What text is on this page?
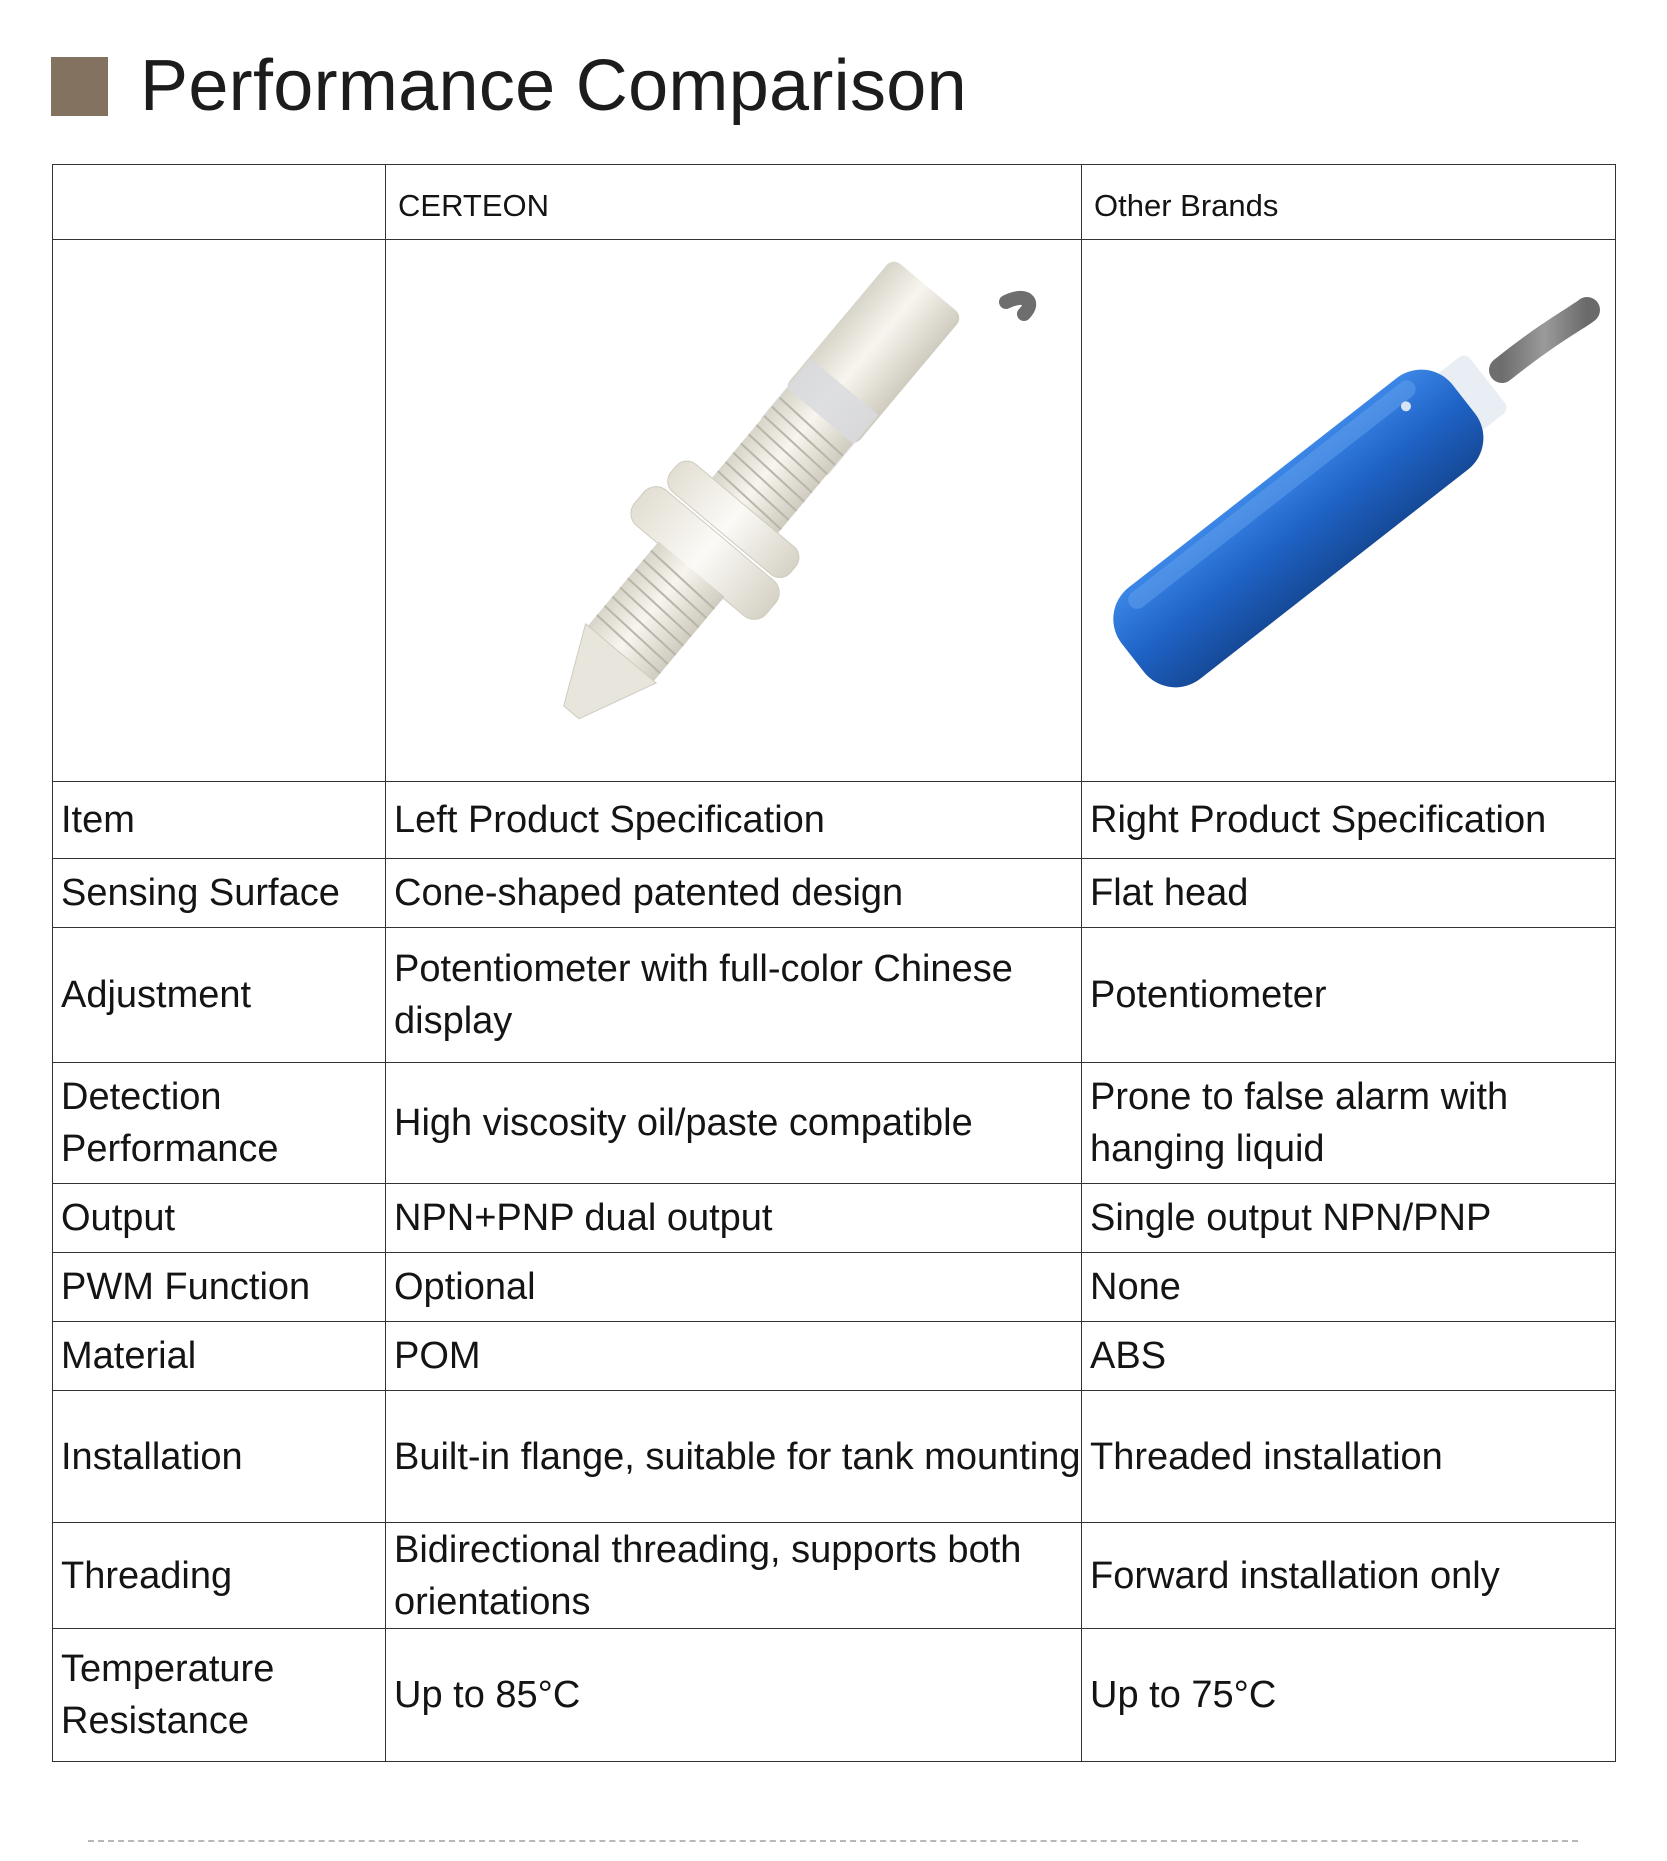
Performance Comparison
	CERTEON	Other Brands

Item	Left Product Specification	Right Product Specification
Sensing Surface	Cone-shaped patented design	Flat head
Adjustment	Potentiometer with full-color Chinese display	Potentiometer
Detection Performance	High viscosity oil/paste compatible	Prone to false alarm with hanging liquid
Output	NPN+PNP dual output	Single output NPN/PNP
PWM Function	Optional	None
Material	POM	ABS
Installation	Built-in flange, suitable for tank mounting	Threaded installation
Threading	Bidirectional threading, supports both orientations	Forward installation only
Temperature Resistance	Up to 85°C	Up to 75°C
